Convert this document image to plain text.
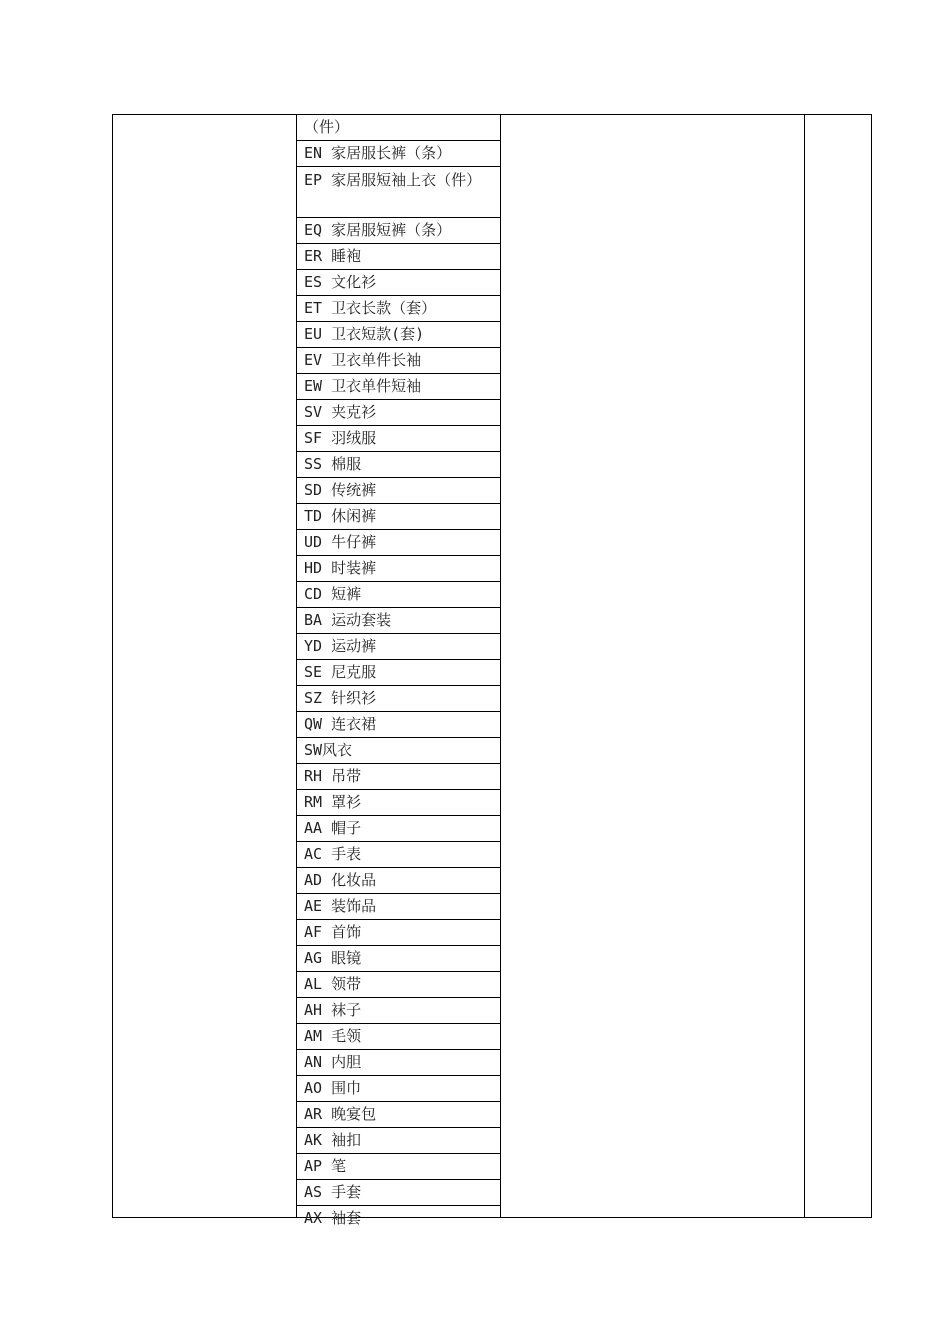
（件）
EN 家居服长裤（条）
EP 家居服短袖上衣（件）
EQ 家居服短裤（条）
ER 睡袍
ES 文化衫
ET 卫衣长款（套）
EU 卫衣短款(套)
EV 卫衣单件长袖
EW 卫衣单件短袖
SV 夹克衫
SF 羽绒服
SS 棉服
SD 传统裤
TD 休闲裤
UD 牛仔裤
HD 时装裤
CD 短裤
BA 运动套装
YD 运动裤
SE 尼克服
SZ 针织衫
QW 连衣裙
SW风衣
RH 吊带
RM 罩衫
AA 帽子
AC 手表
AD 化妆品
AE 装饰品
AF 首饰
AG 眼镜
AL 领带
AH 袜子
AM 毛领
AN 内胆
AO 围巾
AR 晚宴包
AK 袖扣
AP 笔
AS 手套
AX 袖套
